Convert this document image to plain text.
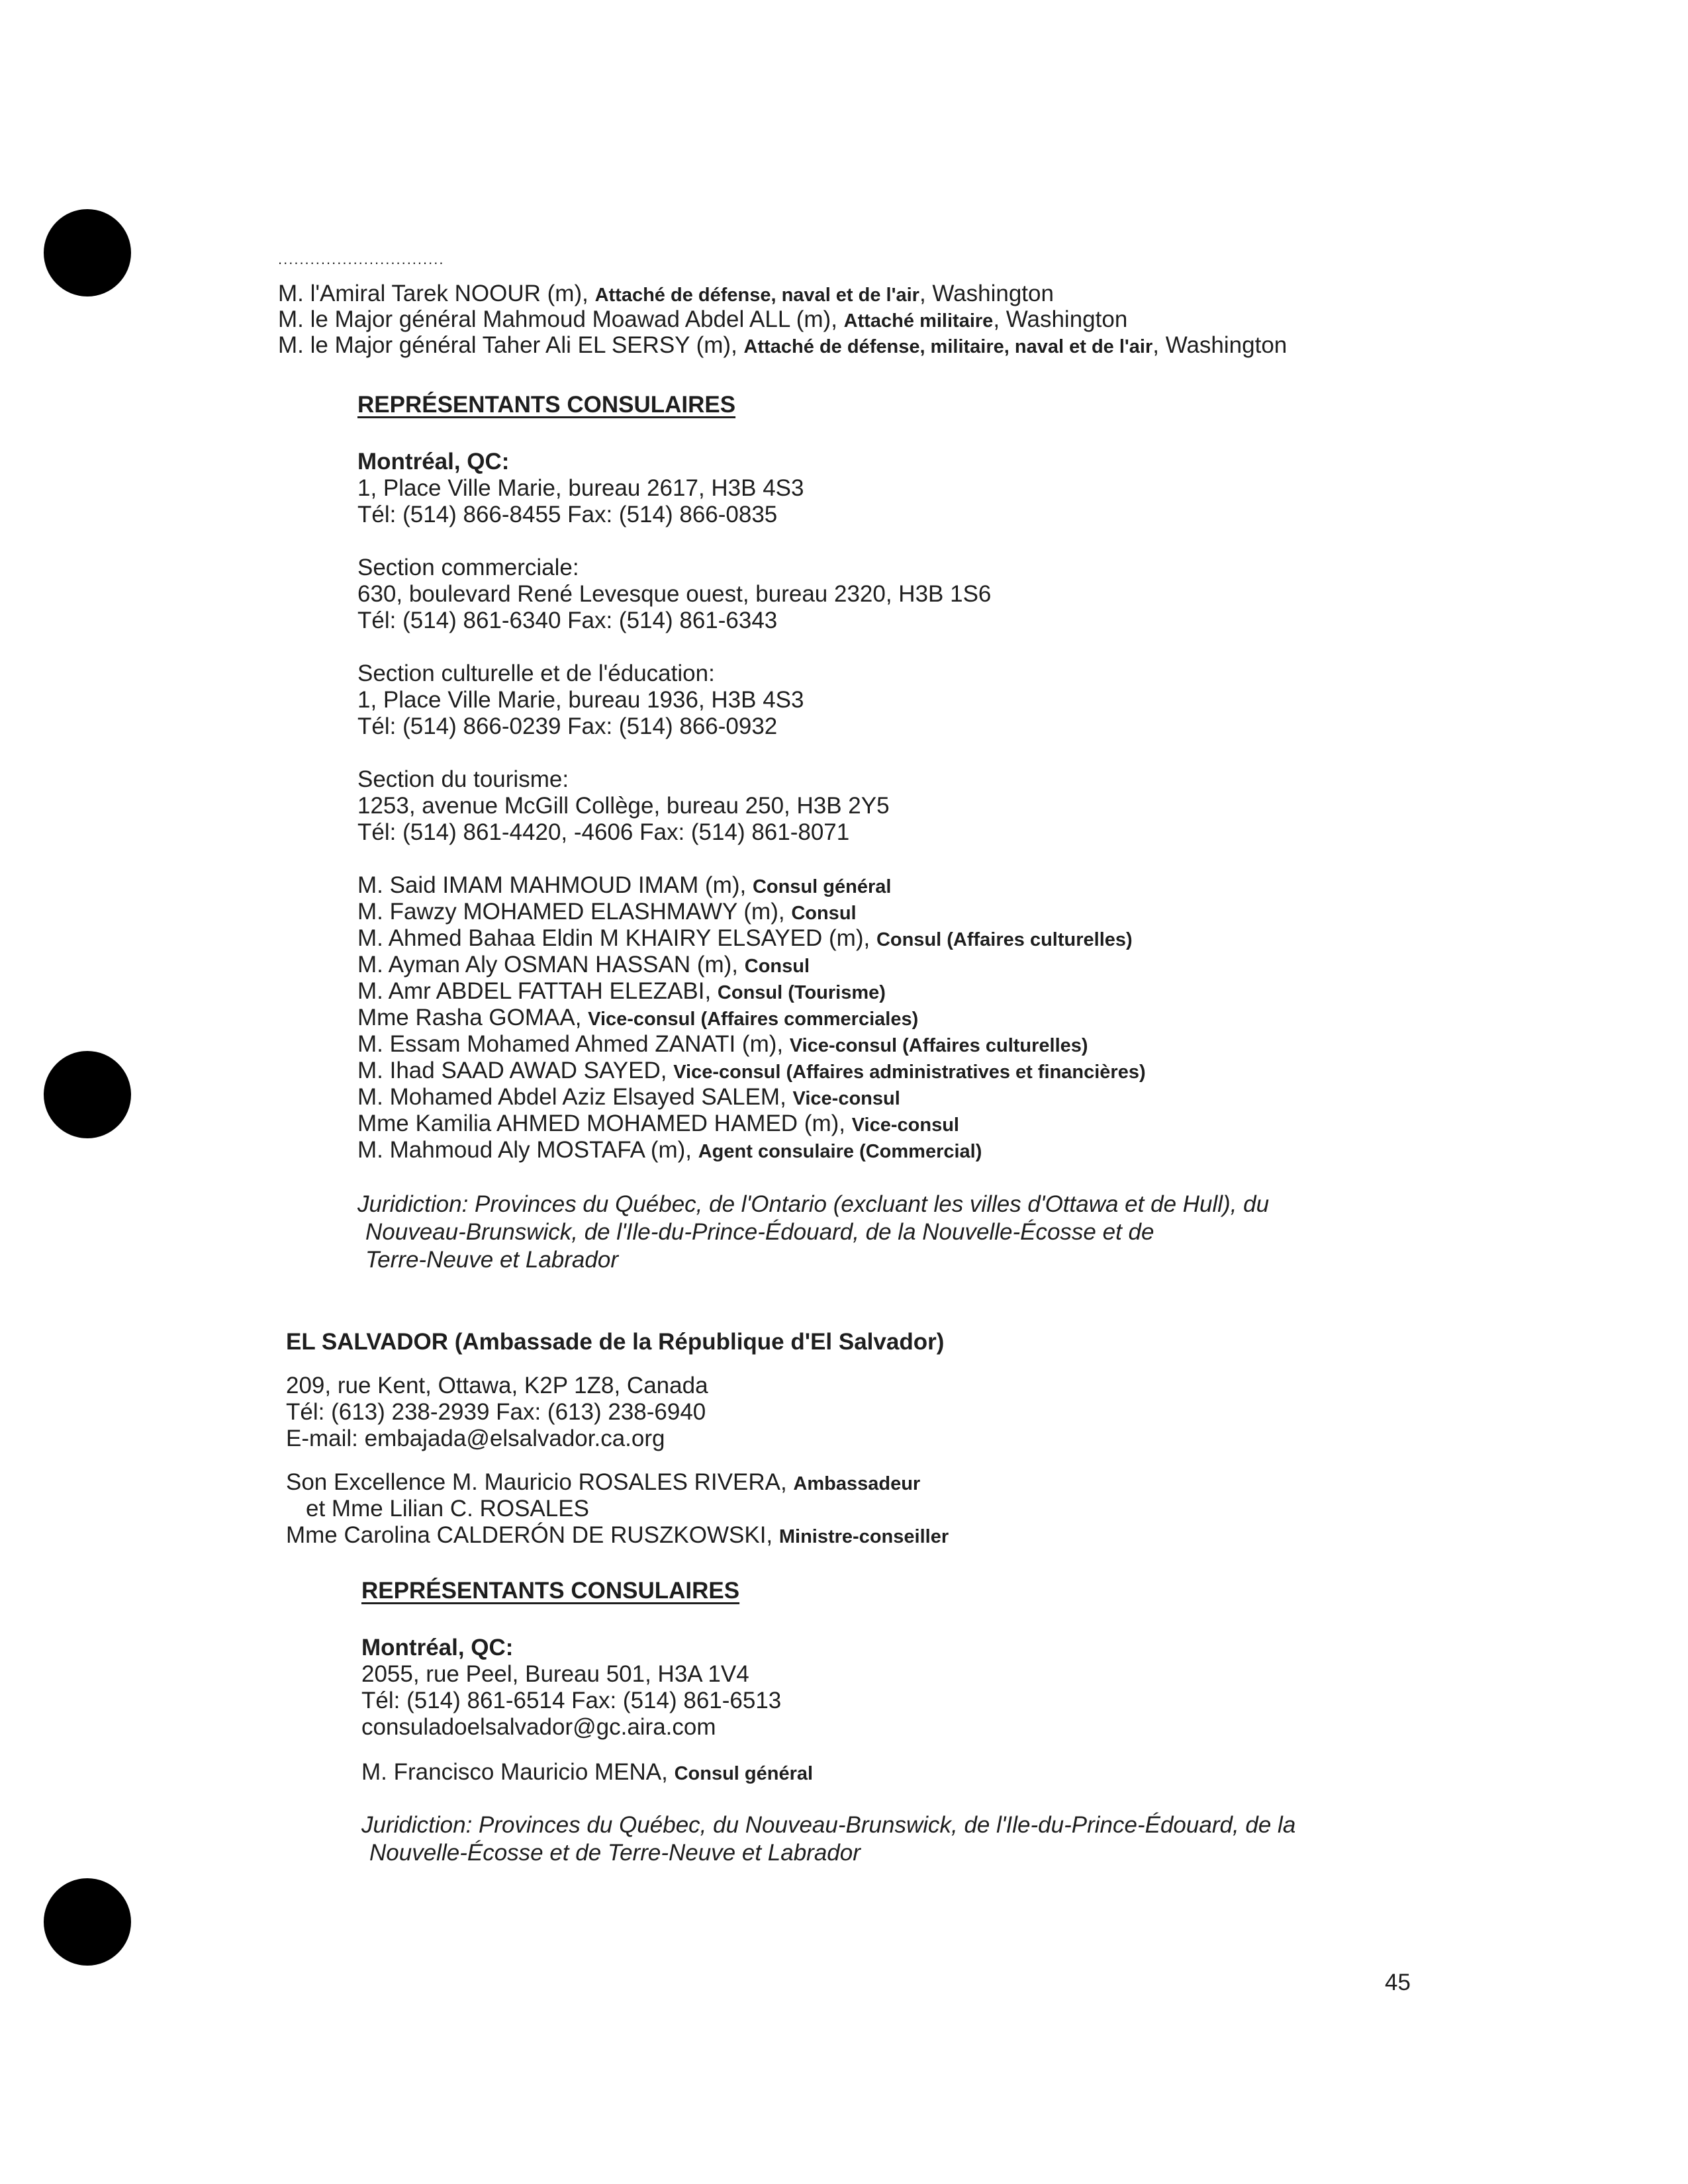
...............................
M. l'Amiral Tarek NOOUR (m), Attaché de défense, naval et de l'air, Washington
M. le Major général Mahmoud Moawad Abdel ALL (m), Attaché militaire, Washington
M. le Major général Taher Ali EL SERSY (m), Attaché de défense, militaire, naval et de l'air, Washington
REPRÉSENTANTS CONSULAIRES
Montréal, QC:
1, Place Ville Marie, bureau 2617, H3B 4S3
Tél: (514) 866-8455 Fax: (514) 866-0835
Section commerciale:
630, boulevard René Levesque ouest, bureau 2320, H3B 1S6
Tél: (514) 861-6340 Fax: (514) 861-6343
Section culturelle et de l'éducation:
1, Place Ville Marie, bureau 1936, H3B 4S3
Tél: (514) 866-0239 Fax: (514) 866-0932
Section du tourisme:
1253, avenue McGill Collège, bureau 250, H3B 2Y5
Tél: (514) 861-4420, -4606 Fax: (514) 861-8071
M. Said IMAM MAHMOUD IMAM (m), Consul général
M. Fawzy MOHAMED ELASHMAWY (m), Consul
M. Ahmed Bahaa Eldin M KHAIRY ELSAYED (m), Consul (Affaires culturelles)
M. Ayman Aly OSMAN HASSAN (m), Consul
M. Amr ABDEL FATTAH ELEZABI, Consul (Tourisme)
Mme Rasha GOMAA, Vice-consul (Affaires commerciales)
M. Essam Mohamed Ahmed ZANATI (m), Vice-consul (Affaires culturelles)
M. Ihad SAAD AWAD SAYED, Vice-consul (Affaires administratives et financières)
M. Mohamed Abdel Aziz Elsayed SALEM, Vice-consul
Mme Kamilia AHMED MOHAMED HAMED (m), Vice-consul
M. Mahmoud Aly MOSTAFA (m), Agent consulaire (Commercial)
Juridiction: Provinces du Québec, de l'Ontario (excluant les villes d'Ottawa et de Hull), du
Nouveau-Brunswick, de l'Ile-du-Prince-Édouard, de la Nouvelle-Écosse et de
Terre-Neuve et Labrador
EL SALVADOR (Ambassade de la République d'El Salvador)
209, rue Kent, Ottawa, K2P 1Z8, Canada
Tél: (613) 238-2939 Fax: (613) 238-6940
E-mail: embajada@elsalvador.ca.org
Son Excellence M. Mauricio ROSALES RIVERA, Ambassadeur
et Mme Lilian C. ROSALES
Mme Carolina CALDERÓN DE RUSZKOWSKI, Ministre-conseiller
REPRÉSENTANTS CONSULAIRES
Montréal, QC:
2055, rue Peel, Bureau 501, H3A 1V4
Tél: (514) 861-6514 Fax: (514) 861-6513
consuladoelsalvador@gc.aira.com
M. Francisco Mauricio MENA, Consul général
Juridiction: Provinces du Québec, du Nouveau-Brunswick, de l'Ile-du-Prince-Édouard, de la
Nouvelle-Écosse et de Terre-Neuve et Labrador
45
